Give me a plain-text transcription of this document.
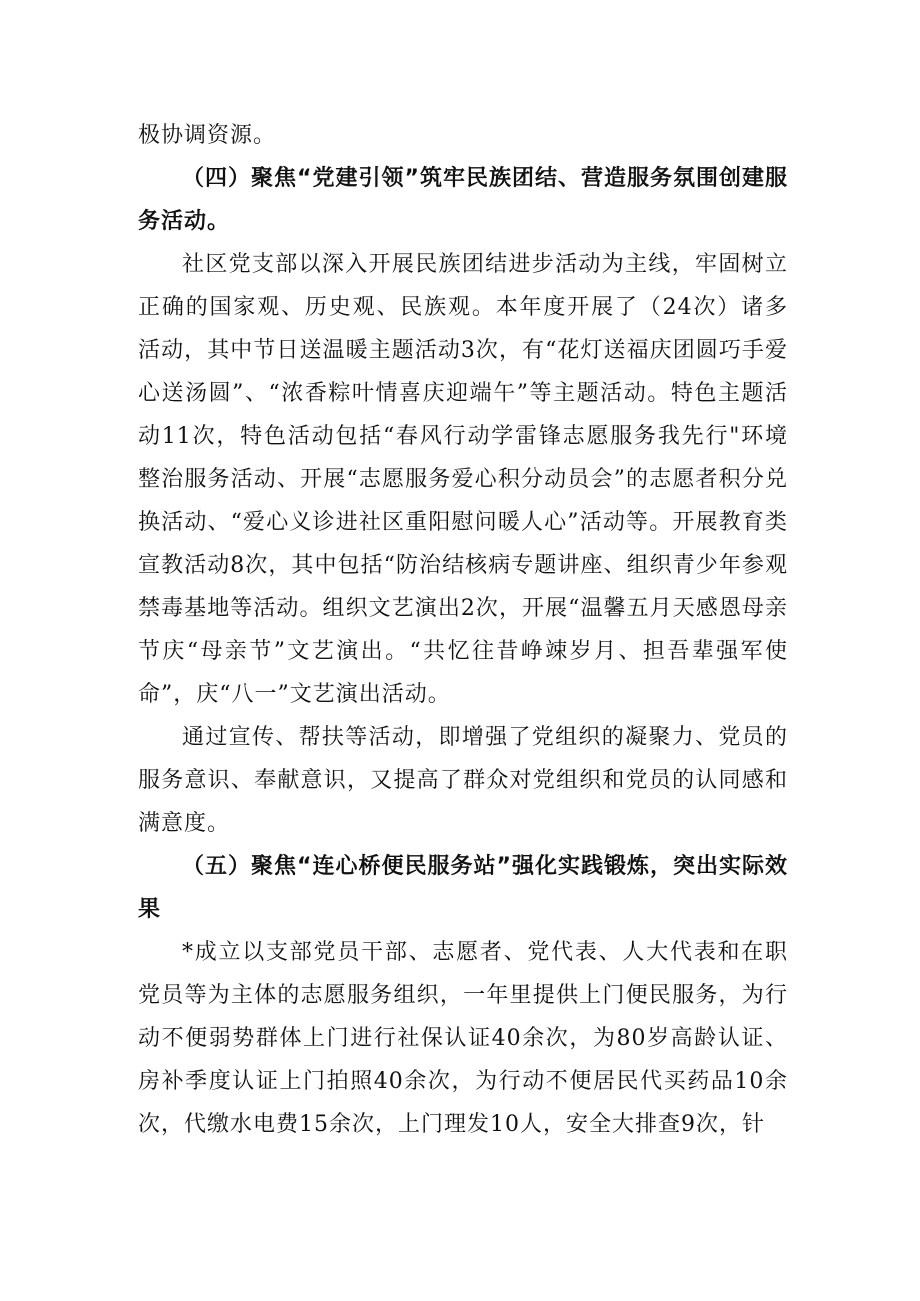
极协调资源。

（四）聚焦“党建引领”筑牢民族团结、营造服务氛围创建服务活动。

社区党支部以深入开展民族团结进步活动为主线，牢固树立正确的国家观、历史观、民族观。本年度开展了（24次）诸多活动，其中节日送温暖主题活动3次，有“花灯送福庆团圆巧手爱心送汤圆”、“浓香粽叶情喜庆迎端午”等主题活动。特色主题活动11次，特色活动包括“春风行动学雷锋志愿服务我先行"环境整治服务活动、开展“志愿服务爱心积分动员会”的志愿者积分兑换活动、“爱心义诊进社区重阳慰问暖人心”活动等。开展教育类宣教活动8次，其中包括“防治结核病专题讲座、组织青少年参观禁毒基地等活动。组织文艺演出2次，开展“温馨五月天感恩母亲节庆“母亲节”文艺演出。“共忆往昔峥竦岁月、担吾辈强军使命”，庆“八一”文艺演出活动。

通过宣传、帮扶等活动，即增强了党组织的凝聚力、党员的服务意识、奉献意识，又提高了群众对党组织和党员的认同感和满意度。

（五）聚焦“连心桥便民服务站”强化实践锻炼，突出实际效果

*成立以支部党员干部、志愿者、党代表、人大代表和在职党员等为主体的志愿服务组织，一年里提供上门便民服务，为行动不便弱势群体上门进行社保认证40余次，为80岁高龄认证、房补季度认证上门拍照40余次，为行动不便居民代买药品10余次，代缴水电费15余次，上门理发10人，安全大排查9次，针
